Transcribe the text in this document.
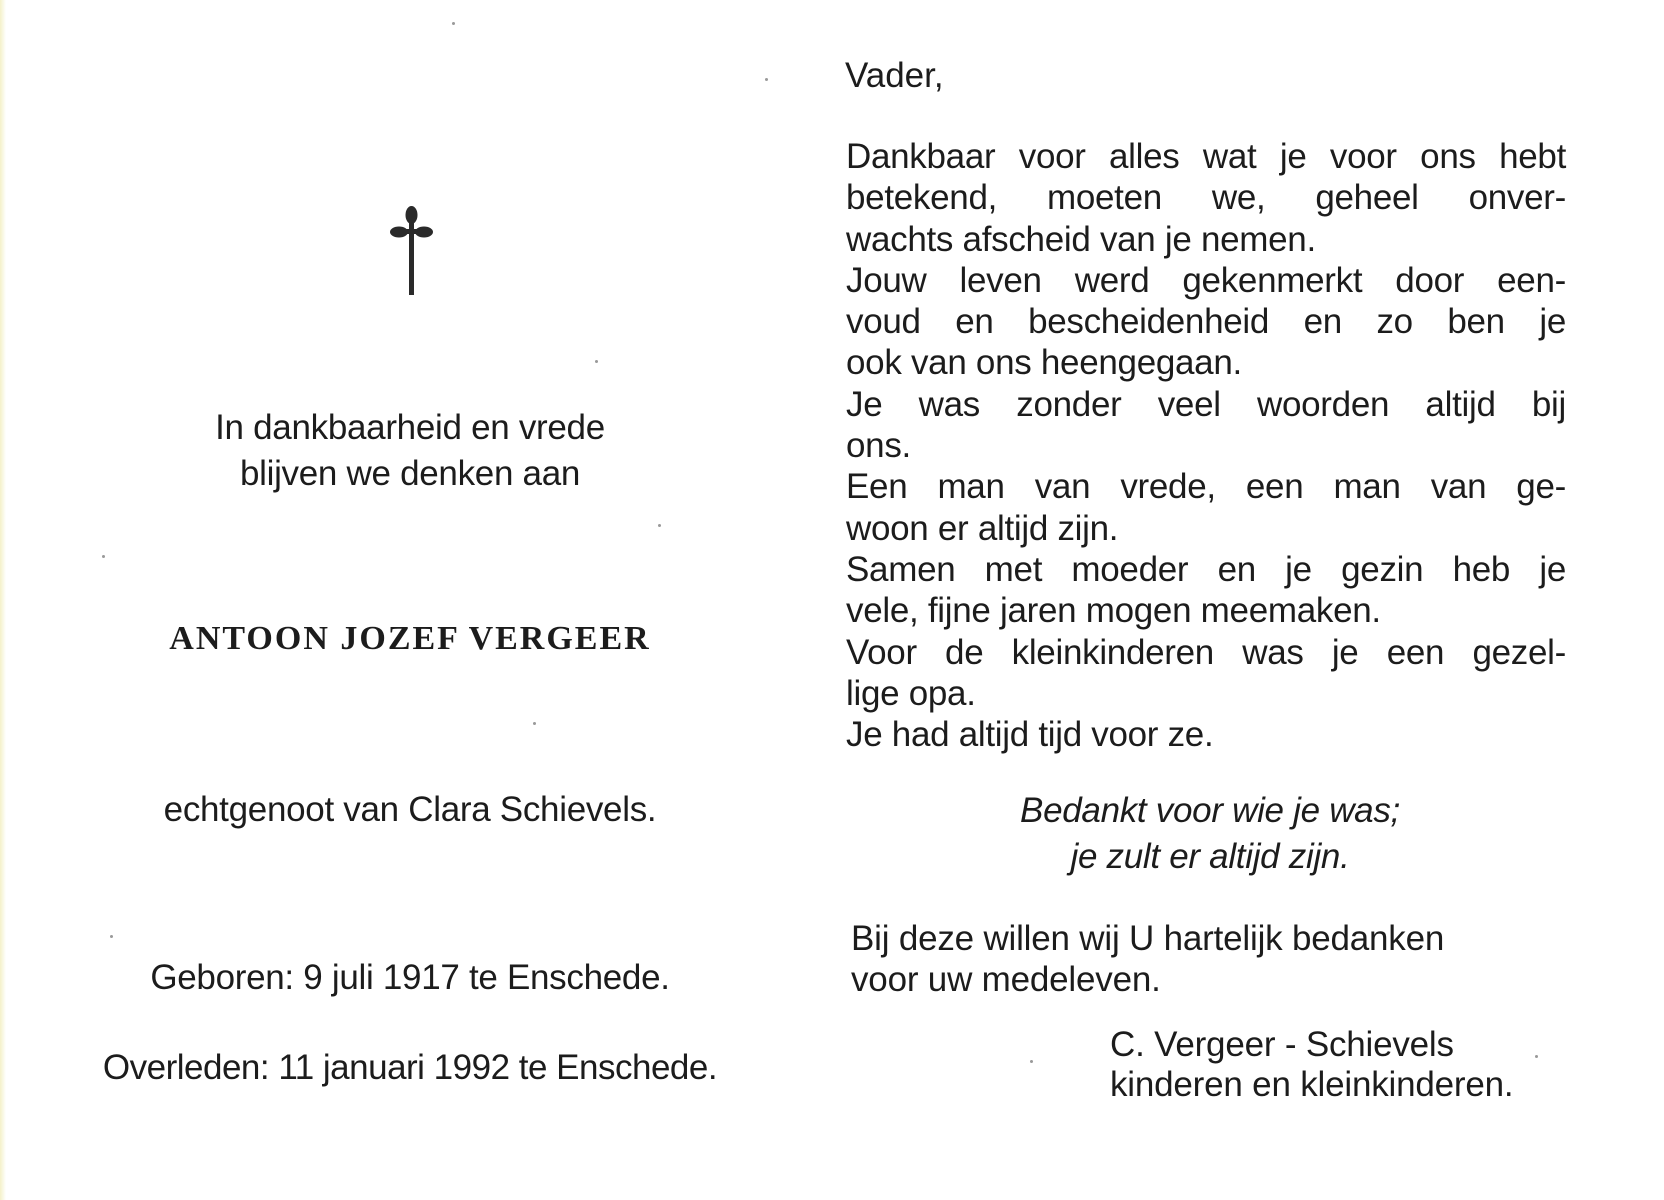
In dankbaarheid en vrede
blijven we denken aan
ANTOON JOZEF VERGEER
echtgenoot van Clara Schievels.
Geboren: 9 juli 1917 te Enschede.
Overleden: 11 januari 1992 te Enschede.
Vader,
Dankbaar voor alles wat je voor ons hebt
betekend, moeten we, geheel onver-
wachts afscheid van je nemen.
Jouw leven werd gekenmerkt door een-
voud en bescheidenheid en zo ben je
ook van ons heengegaan.
Je was zonder veel woorden altijd bij
ons.
Een man van vrede, een man van ge-
woon er altijd zijn.
Samen met moeder en je gezin heb je
vele, fijne jaren mogen meemaken.
Voor de kleinkinderen was je een gezel-
lige opa.
Je had altijd tijd voor ze.
Bedankt voor wie je was;
je zult er altijd zijn.
Bij deze willen wij U hartelijk bedanken
voor uw medeleven.
C. Vergeer - Schievels
kinderen en kleinkinderen.
